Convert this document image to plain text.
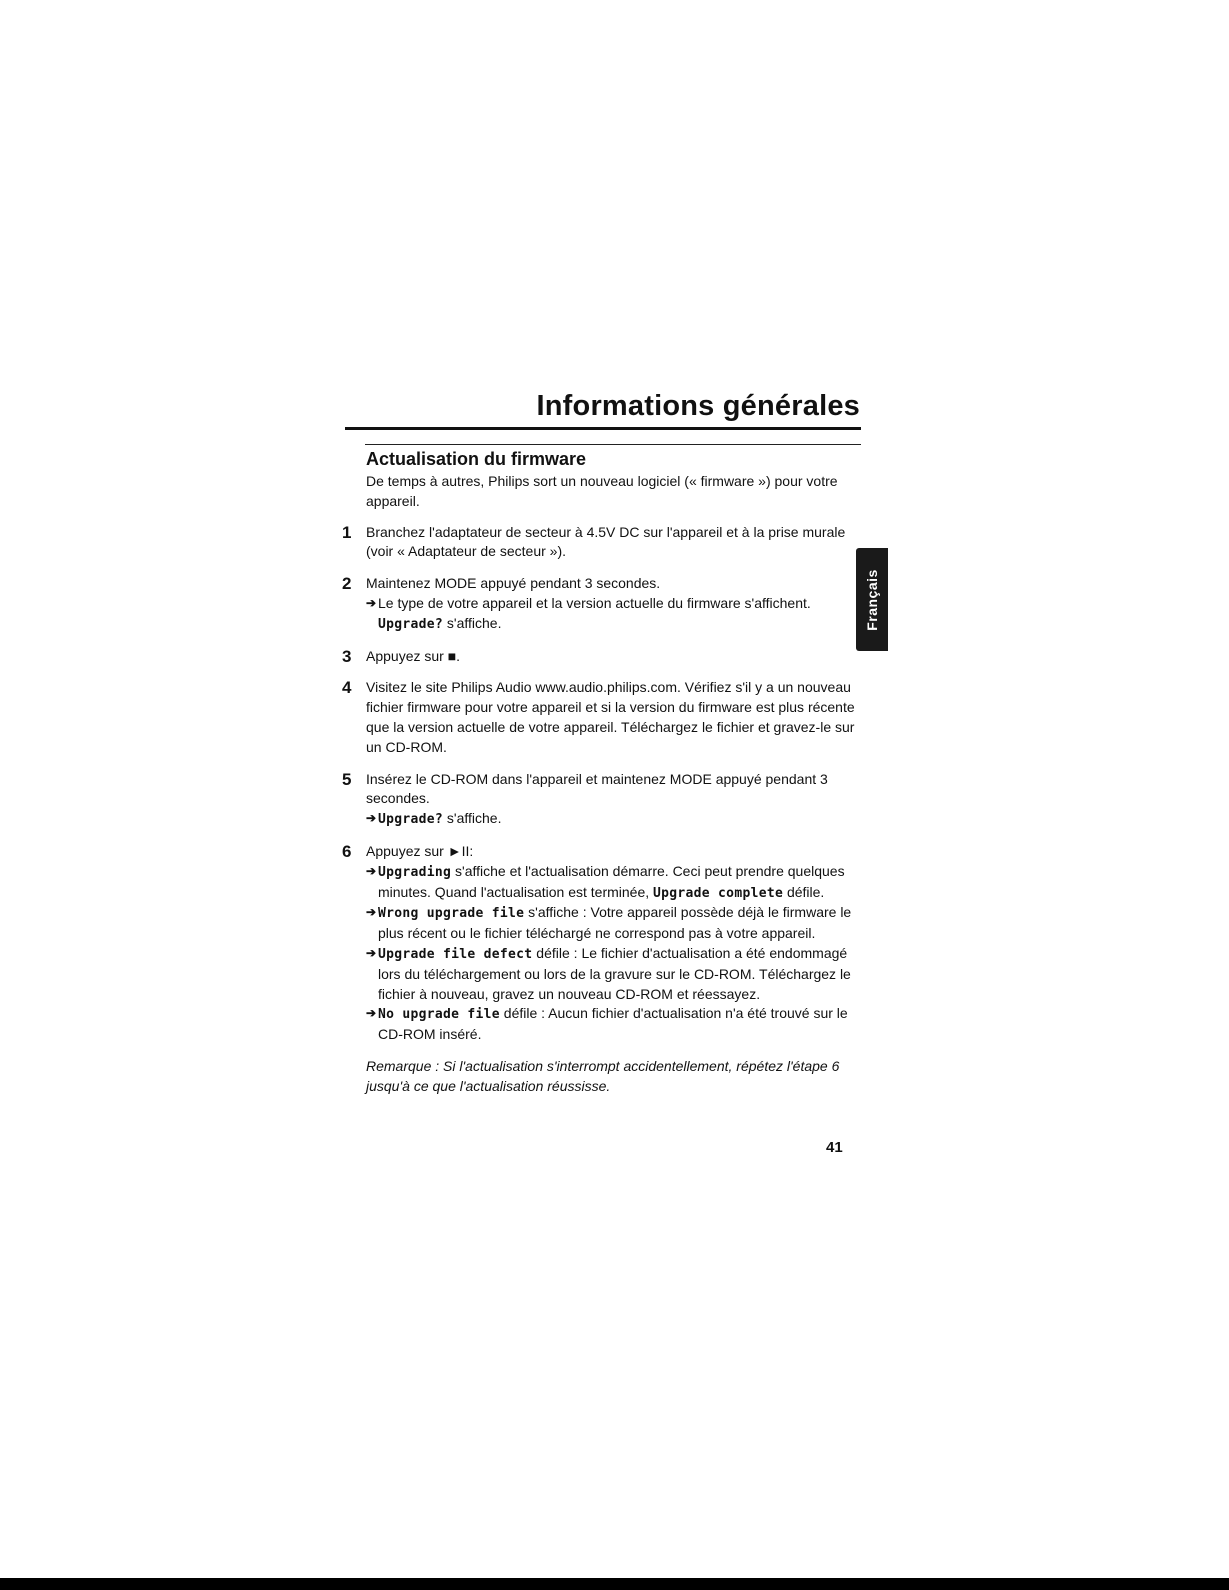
Informations générales
Actualisation du firmware
Français

De temps à autres, Philips sort un nouveau logiciel (« firmware ») pour votre appareil.

1 Branchez l'adaptateur de secteur à 4.5V DC sur l'appareil et à la prise murale (voir « Adaptateur de secteur »).

2 Maintenez MODE appuyé pendant 3 secondes.

➔ Le type de votre appareil et la version actuelle du firmware s'affichent.
Upgrade? s'affiche.

3 Appuyez sur ■.

4 Visitez le site Philips Audio www.audio.philips.com. Vérifiez s'il y a un nouveau fichier firmware pour votre appareil et si la version du firmware est plus récente que la version actuelle de votre appareil. Téléchargez le fichier et gravez-le sur un CD-ROM.

5 Insérez le CD-ROM dans l'appareil et maintenez MODE appuyé pendant 3 secondes.

➔ Upgrade? s'affiche.

6 Appuyez sur ►II:

➔ Upgrading s'affiche et l'actualisation démarre. Ceci peut prendre quelques minutes. Quand l'actualisation est terminée, Upgrade complete défile.

➔ Wrong upgrade file s'affiche : Votre appareil possède déjà le firmware le plus récent ou le fichier téléchargé ne correspond pas à votre appareil.

➔ Upgrade file defect défile : Le fichier d'actualisation a été endommagé lors du téléchargement ou lors de la gravure sur le CD-ROM. Téléchargez le fichier à nouveau, gravez un nouveau CD-ROM et réessayez.

➔ No upgrade file défile : Aucun fichier d'actualisation n'a été trouvé sur le CD-ROM inséré.

Remarque : Si l'actualisation s'interrompt accidentellement, répétez l'étape 6 jusqu'à ce que l'actualisation réussisse.

41
